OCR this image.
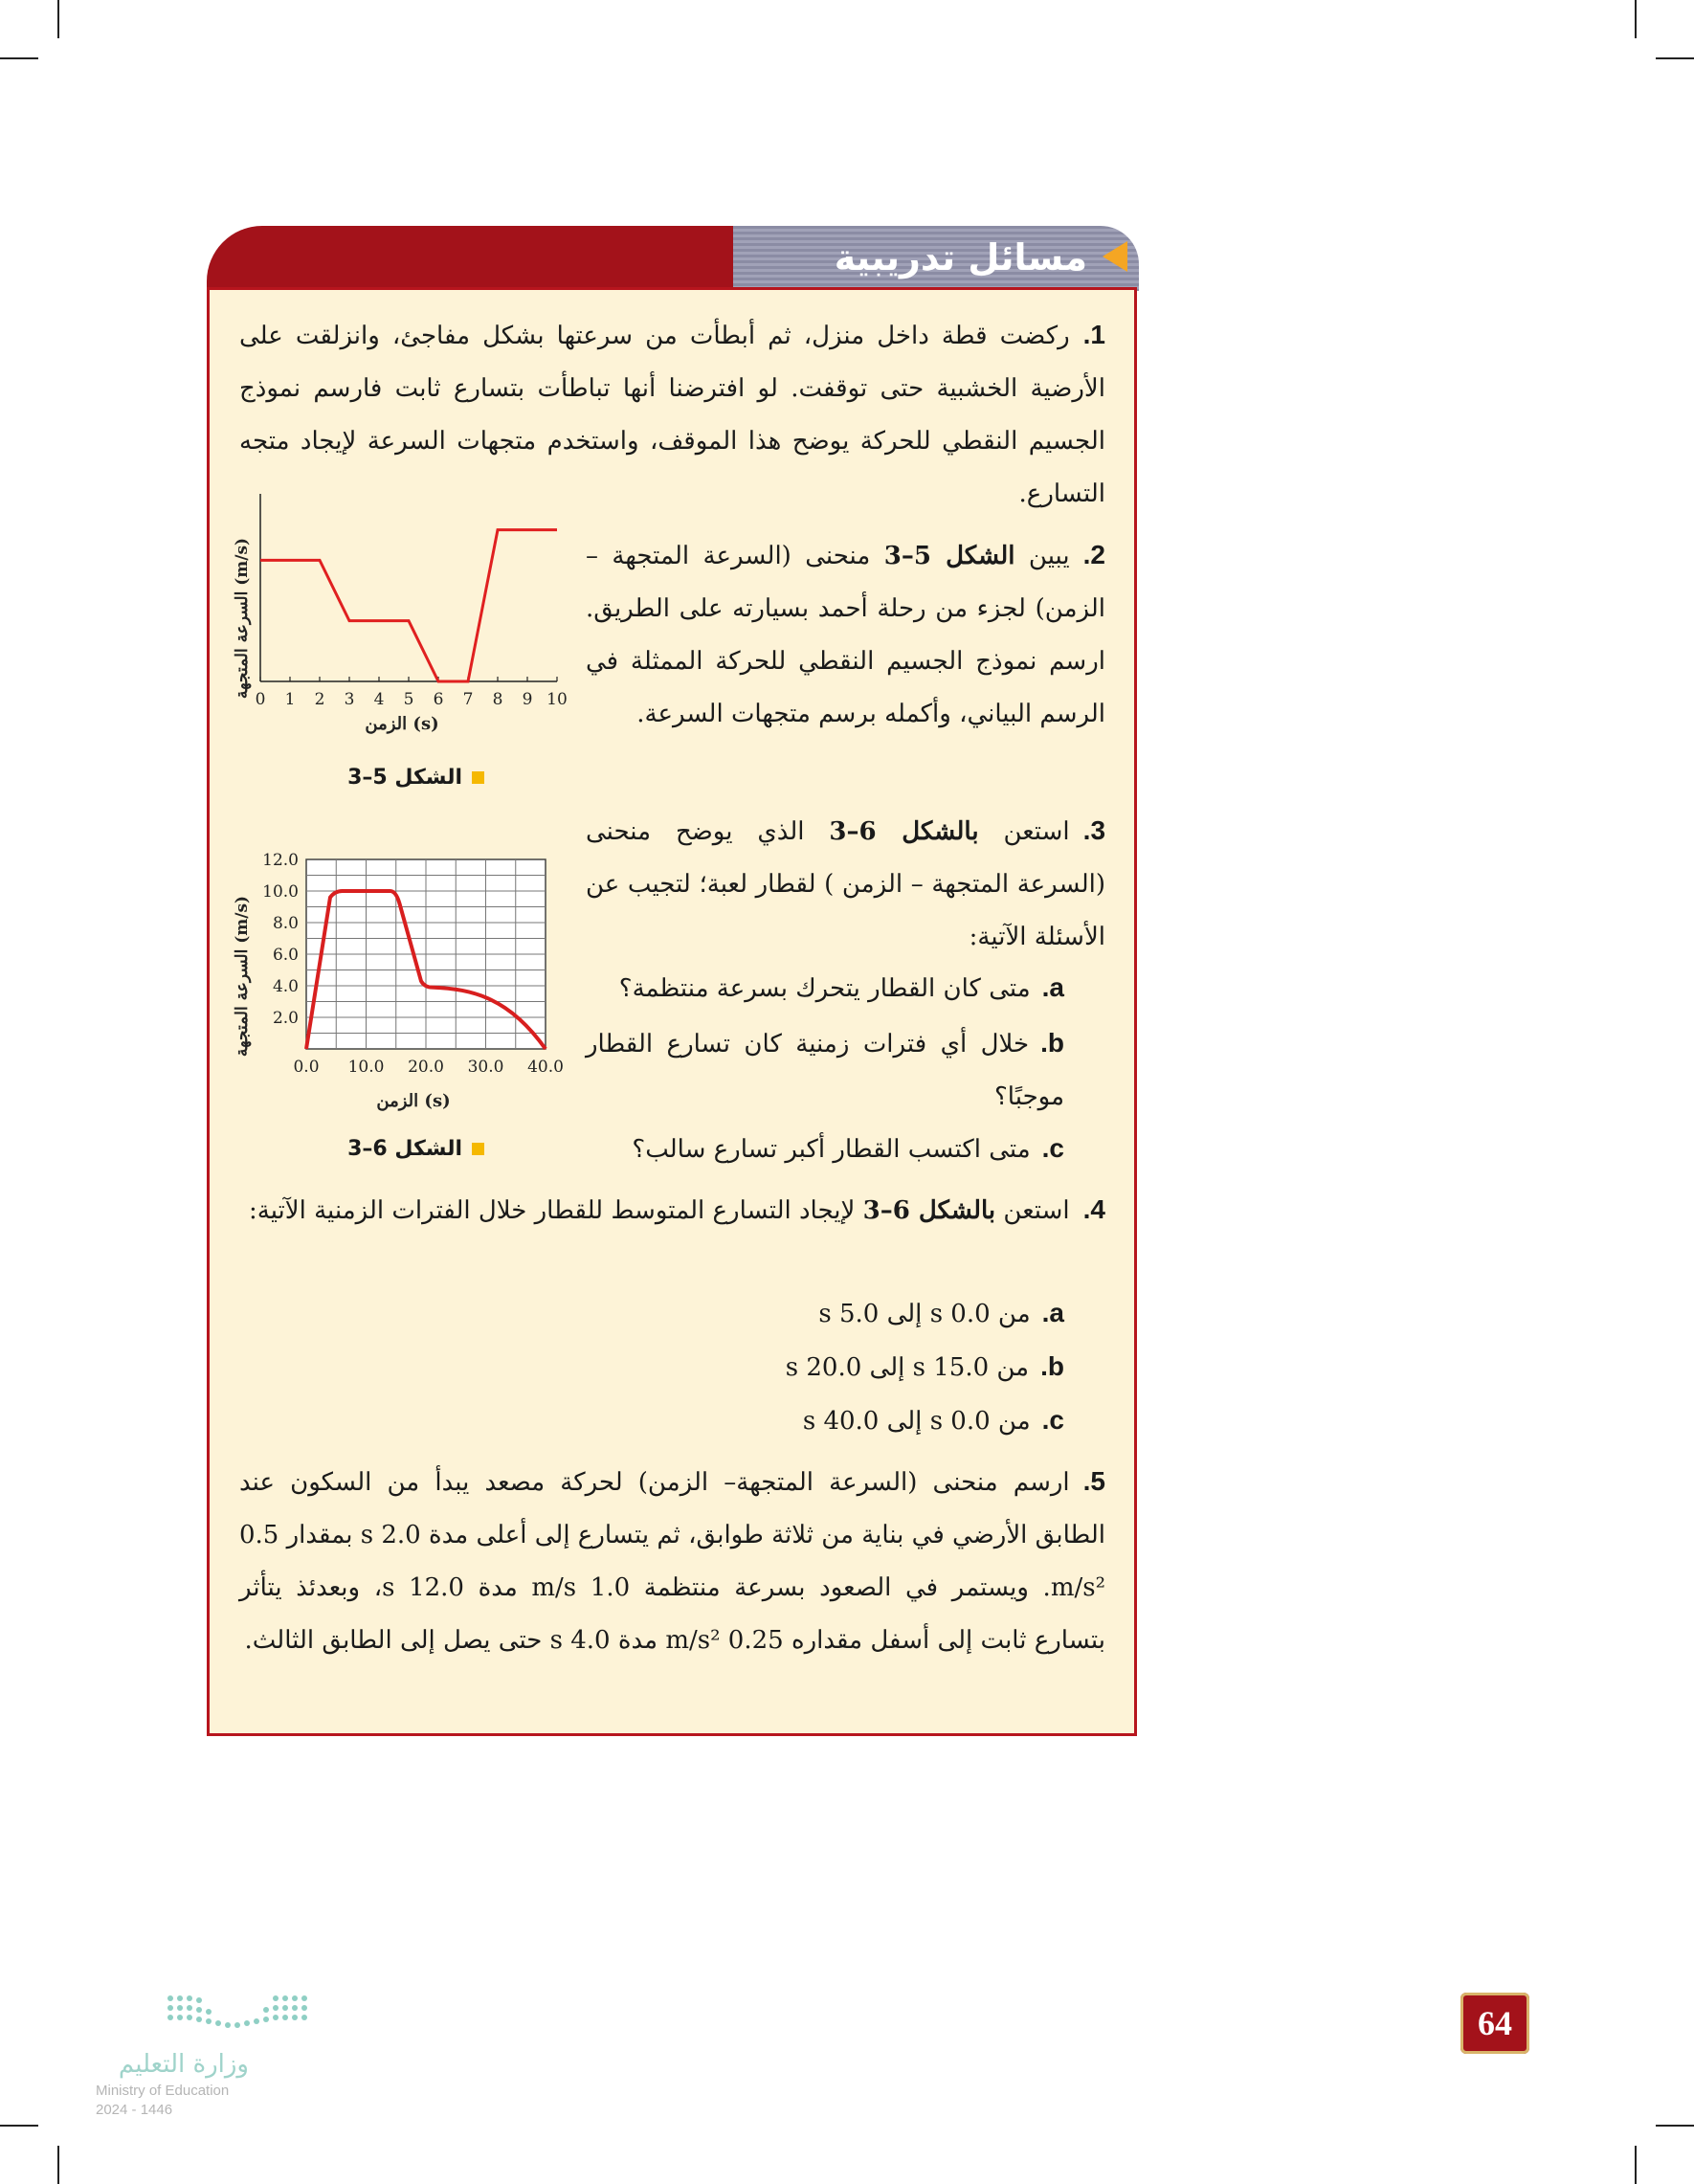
مسائل تدريبية
1.ركضت قطة داخل منزل، ثم أبطأت من سرعتها بشكل مفاجئ، وانزلقت على الأرضية الخشبية حتى توقفت. لو افترضنا أنها تباطأت بتسارع ثابت فارسم نموذج الجسيم النقطي للحركة يوضح هذا الموقف، واستخدم متجهات السرعة لإيجاد متجه التسارع.
2.يبين الشكل 5–3 منحنى (السرعة المتجهة –الزمن) لجزء من رحلة أحمد بسيارته على الطريق. ارسم نموذج الجسيم النقطي للحركة الممثلة في الرسم البياني، وأكمله برسم متجهات السرعة.
3.استعن بالشكل 6–3 الذي يوضح منحنى (السرعة المتجهة – الزمن ) لقطار لعبة؛ لتجيب عن الأسئلة الآتية:
a.متى كان القطار يتحرك بسرعة منتظمة؟
b.خلال أي فترات زمنية كان تسارع القطار موجبًا؟
c.متى اكتسب القطار أكبر تسارع سالب؟
4.استعن بالشكل 6–3 لإيجاد التسارع المتوسط للقطار خلال الفترات الزمنية الآتية:
a.من 0.0 s إلى 5.0 s
b.من 15.0 s إلى 20.0 s
c.من 0.0 s إلى 40.0 s
5.ارسم منحنى (السرعة المتجهة– الزمن) لحركة مصعد يبدأ من السكون عند الطابق الأرضي في بناية من ثلاثة طوابق، ثم يتسارع إلى أعلى مدة 2.0 s بمقدار 0.5 m/s². ويستمر في الصعود بسرعة منتظمة 1.0 m/s مدة 12.0 s، وبعدئذ يتأثر بتسارع ثابت إلى أسفل مقداره 0.25 m/s² مدة 4.0 s حتى يصل إلى الطابق الثالث.
السرعة المتجهة (m/s)
0 1 2 3 4 5 6 7 8 9 10
الزمن (s)
الشكل 5–3
السرعة المتجهة (m/s)
0.0 10.0 20.0 30.0 40.0
2.0
4.0
6.0
8.0
10.0
12.0
الزمن (s)
الشكل 6–3
64
وزارة التعليم
Ministry of Education
2024 - 1446
